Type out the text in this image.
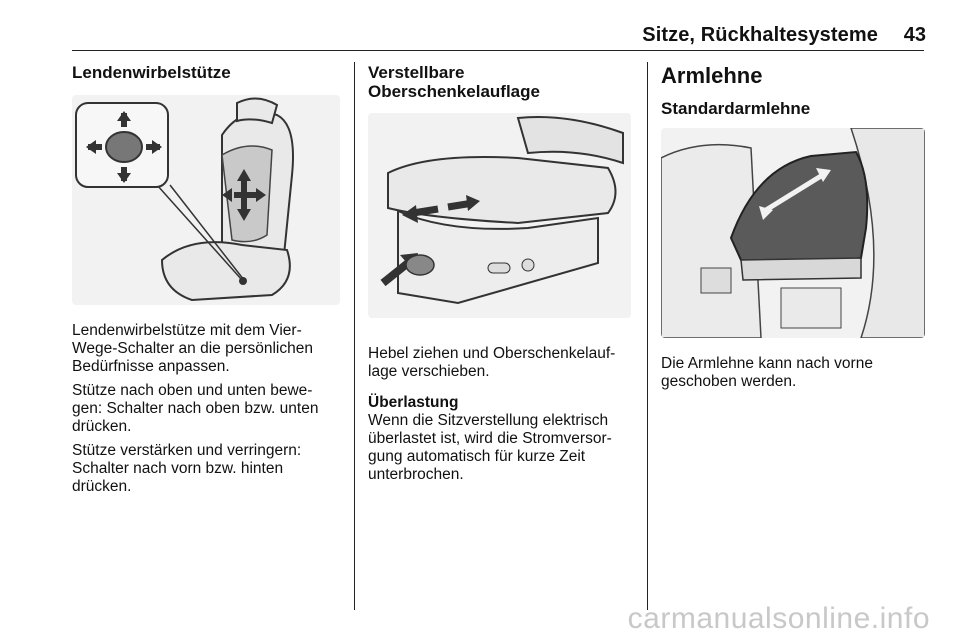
Sitze, Rückhaltesysteme 43
Lendenwirbelstütze

Lendenwirbelstütze mit dem Vier-Wege-Schalter an die persönlichen Bedürfnisse anpassen.

Stütze nach oben und unten bewe-gen: Schalter nach oben bzw. unten drücken.

Stütze verstärken und verringern: Schalter nach vorn bzw. hinten drücken.

Verstellbare Oberschenkelauflage

Hebel ziehen und Oberschenkelauf-lage verschieben.

Überlastung

Wenn die Sitzverstellung elektrisch überlastet ist, wird die Stromversor-gung automatisch für kurze Zeit unterbrochen.

Armlehne
Standardarmlehne

Die Armlehne kann nach vorne geschoben werden.

carmanualsonline.info
